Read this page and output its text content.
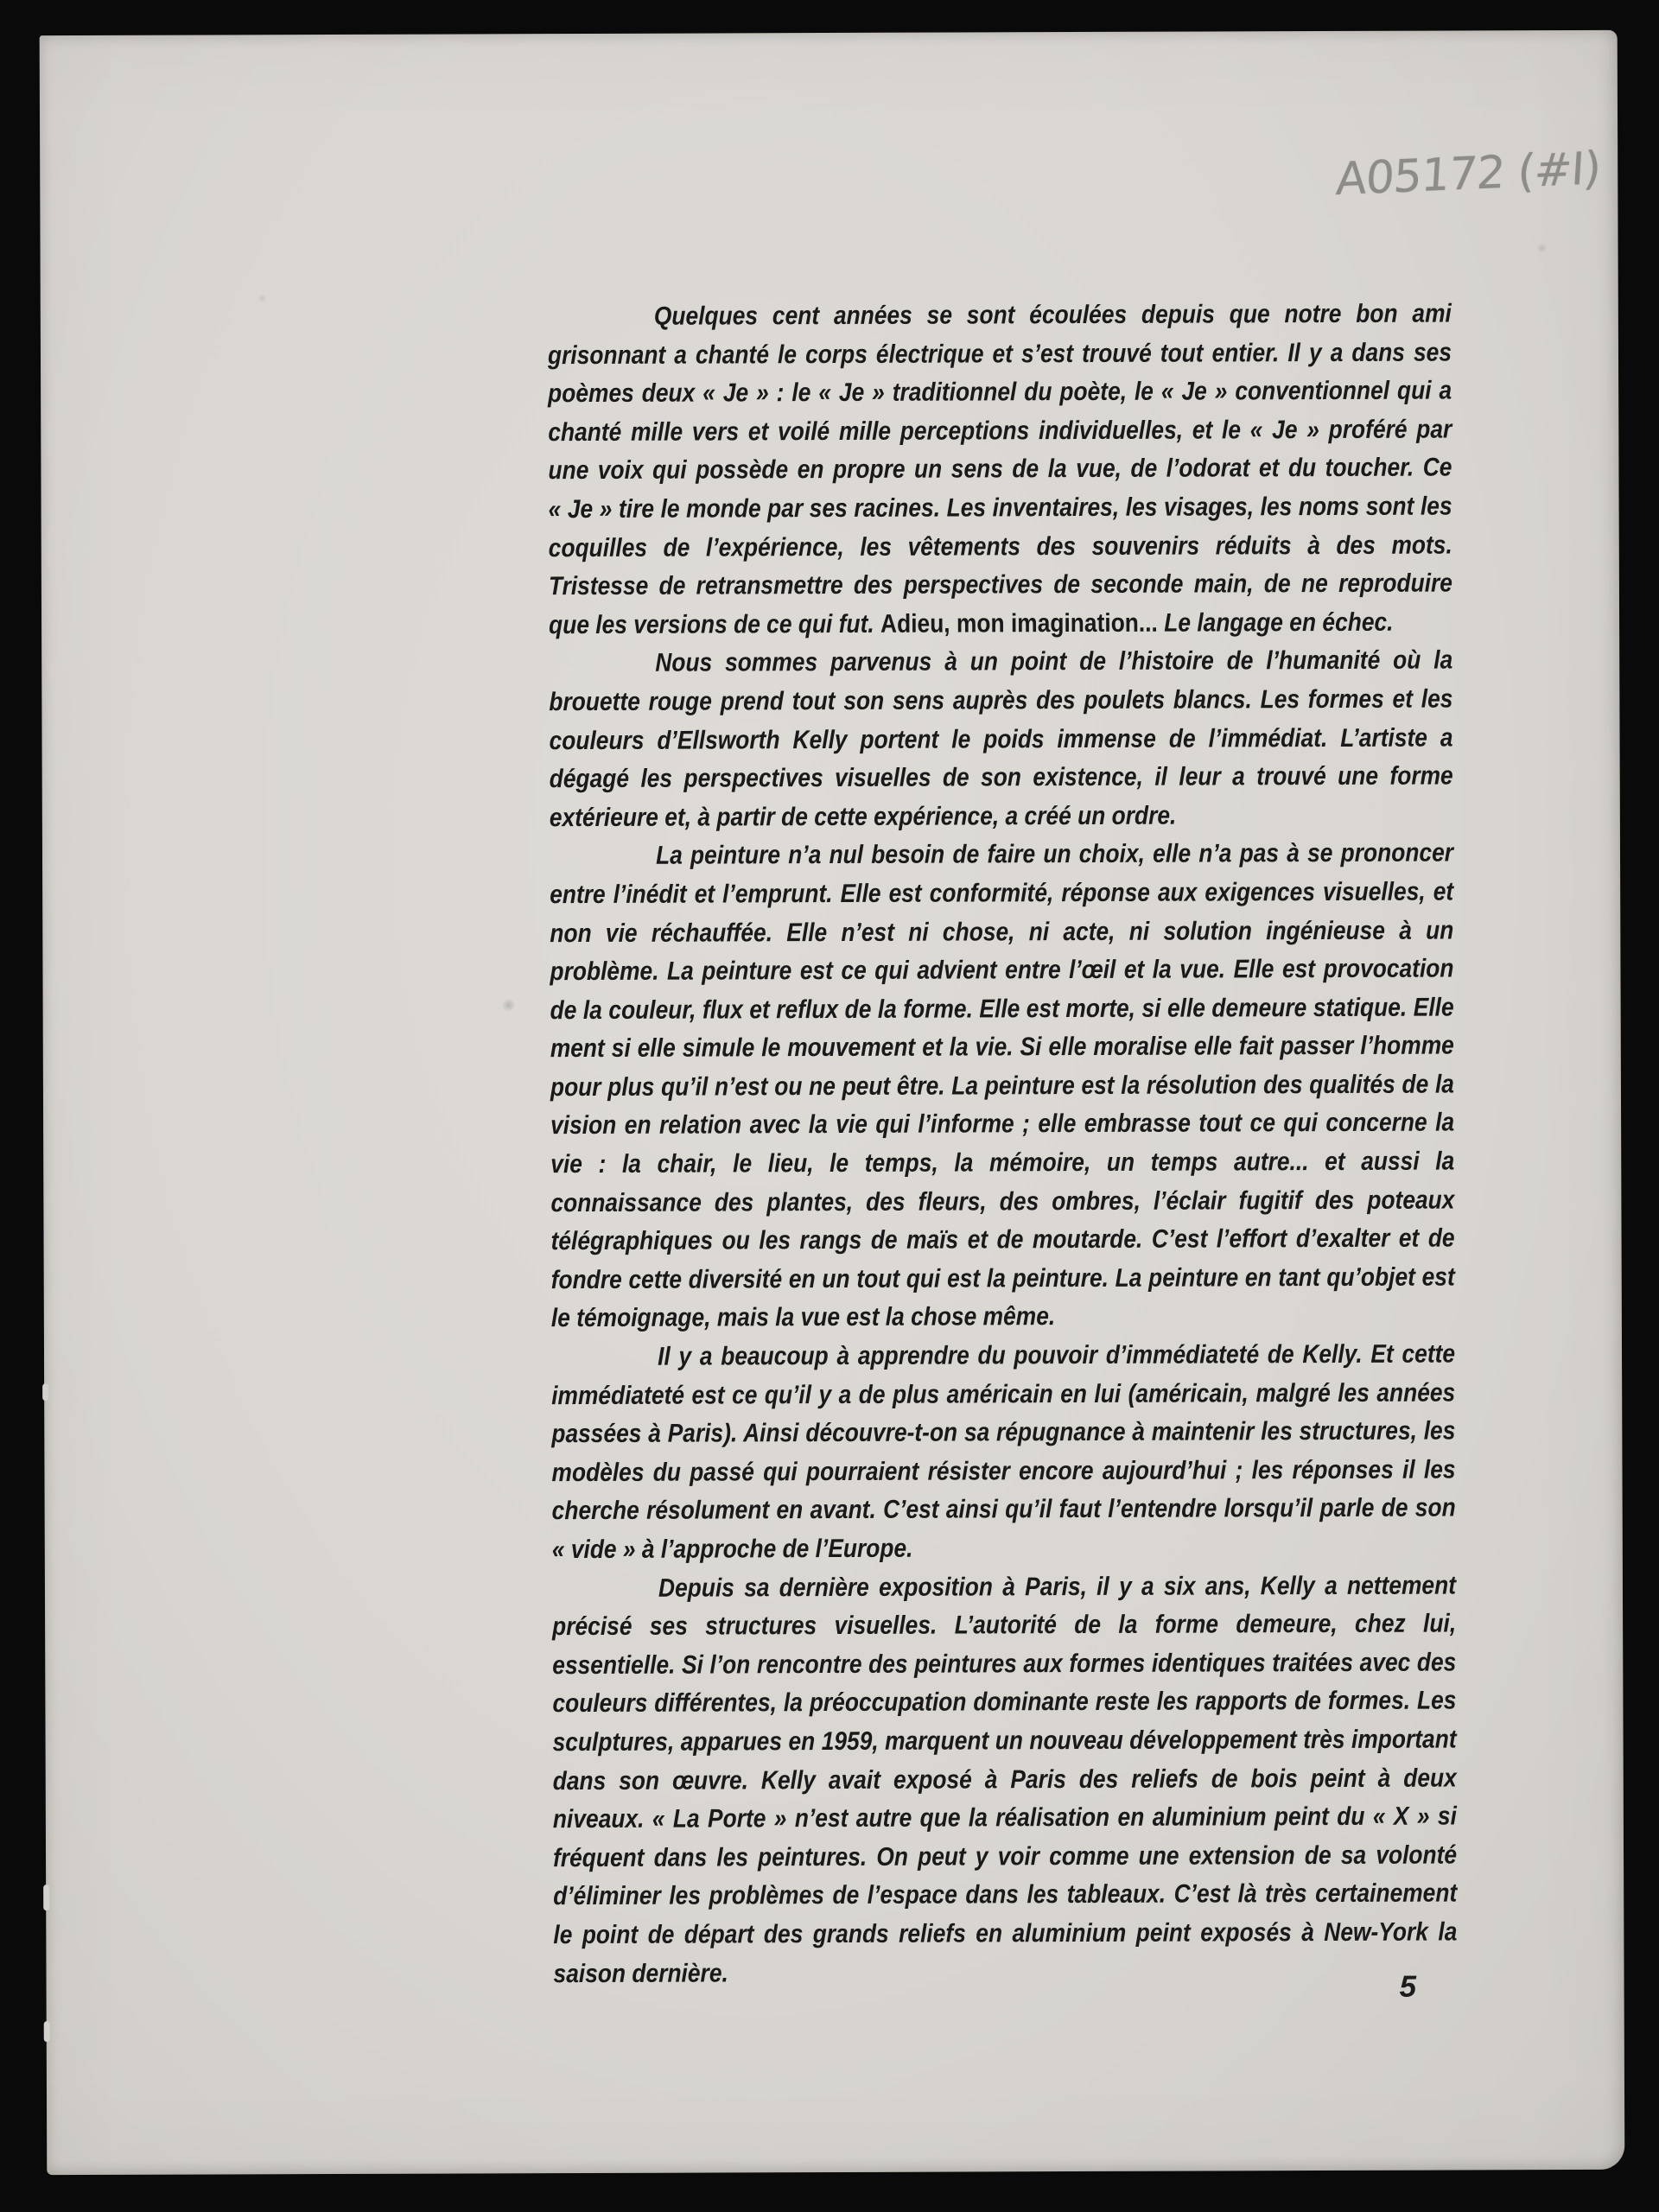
A05172 (#I)

Quelques cent années se sont écoulées depuis que notre bon ami grisonnant a chanté le corps électrique et s’est trouvé tout entier. Il y a dans ses poèmes deux « Je » : le « Je » traditionnel du poète, le « Je » conventionnel qui a chanté mille vers et voilé mille perceptions individuelles, et le « Je » proféré par une voix qui possède en propre un sens de la vue, de l’odorat et du toucher. Ce « Je » tire le monde par ses racines. Les inventaires, les visages, les noms sont les coquilles de l’expérience, les vêtements des souvenirs réduits à des mots. Tristesse de retransmettre des perspectives de seconde main, de ne reproduire que les versions de ce qui fut. Adieu, mon imagination... Le langage en échec.

Nous sommes parvenus à un point de l’histoire de l’humanité où la brouette rouge prend tout son sens auprès des poulets blancs. Les formes et les couleurs d’Ellsworth Kelly portent le poids immense de l’immédiat. L’artiste a dégagé les perspectives visuelles de son existence, il leur a trouvé une forme extérieure et, à partir de cette expérience, a créé un ordre.

La peinture n’a nul besoin de faire un choix, elle n’a pas à se prononcer entre l’inédit et l’emprunt. Elle est conformité, réponse aux exigences visuelles, et non vie réchauffée. Elle n’est ni chose, ni acte, ni solution ingénieuse à un problème. La peinture est ce qui advient entre l’œil et la vue. Elle est provocation de la couleur, flux et reflux de la forme. Elle est morte, si elle demeure statique. Elle ment si elle simule le mouvement et la vie. Si elle moralise elle fait passer l’homme pour plus qu’il n’est ou ne peut être. La peinture est la résolution des qualités de la vision en relation avec la vie qui l’informe ; elle embrasse tout ce qui concerne la vie : la chair, le lieu, le temps, la mémoire, un temps autre... et aussi la connaissance des plantes, des fleurs, des ombres, l’éclair fugitif des poteaux télégraphiques ou les rangs de maïs et de moutarde. C’est l’effort d’exalter et de fondre cette diversité en un tout qui est la peinture. La peinture en tant qu’objet est le témoignage, mais la vue est la chose même.

Il y a beaucoup à apprendre du pouvoir d’immédiateté de Kelly. Et cette immédiateté est ce qu’il y a de plus américain en lui (américain, malgré les années passées à Paris). Ainsi découvre-t-on sa répugnance à maintenir les structures, les modèles du passé qui pourraient résister encore aujourd’hui ; les réponses il les cherche résolument en avant. C’est ainsi qu’il faut l’entendre lorsqu’il parle de son « vide » à l’approche de l’Europe.

Depuis sa dernière exposition à Paris, il y a six ans, Kelly a nettement précisé ses structures visuelles. L’autorité de la forme demeure, chez lui, essentielle. Si l’on rencontre des peintures aux formes identiques traitées avec des couleurs différentes, la préoccupation dominante reste les rapports de formes. Les sculptures, apparues en 1959, marquent un nouveau développement très important dans son œuvre. Kelly avait exposé à Paris des reliefs de bois peint à deux niveaux. « La Porte » n’est autre que la réalisation en aluminium peint du « X » si fréquent dans les peintures. On peut y voir comme une extension de sa volonté d’éliminer les problèmes de l’espace dans les tableaux. C’est là très certainement le point de départ des grands reliefs en aluminium peint exposés à New-York la saison dernière.	5
